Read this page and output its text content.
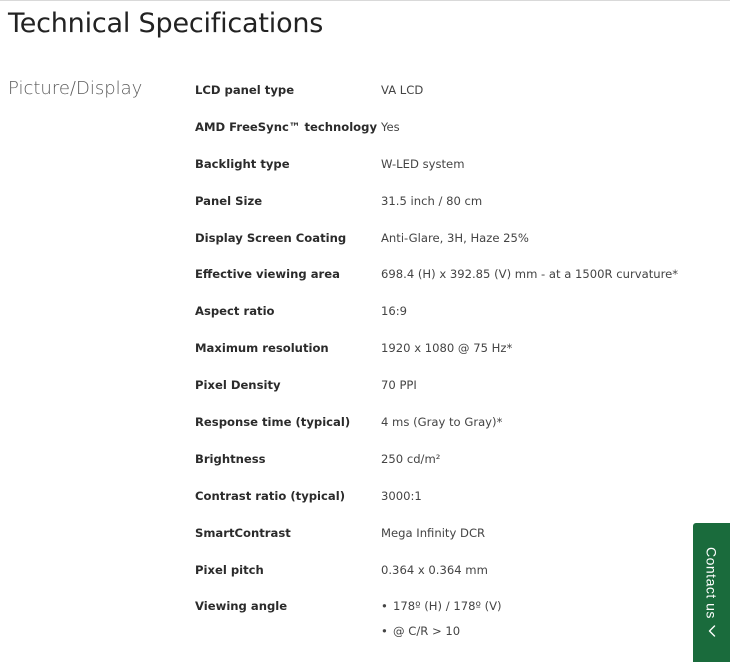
Technical Specifications
Picture/Display	LCD panel type	VA LCD
AMD FreeSync™ technology Yes
Backlight type	W-LED system
Panel Size	31.5 inch / 80 cm
Display Screen Coating	Anti-Glare, 3H, Haze 25%
Effective viewing area	698.4 (H) x 392.85 (V) mm - at a 1500R curvature*
Aspect ratio	16:9
Maximum resolution	1920 x 1080 @ 75 Hz*
Pixel Density	70 PPI
Response time (typical)	4 ms (Gray to Gray)*
Brightness	250 cd/m²
Contrast ratio (typical)	3000:1
SmartContrast	Mega Infinity DCR
Pixel pitch	0.364 x 0.364 mm
Viewing angle
•	178º (H) / 178º (V)
• @ C/R > 10
Contact us
